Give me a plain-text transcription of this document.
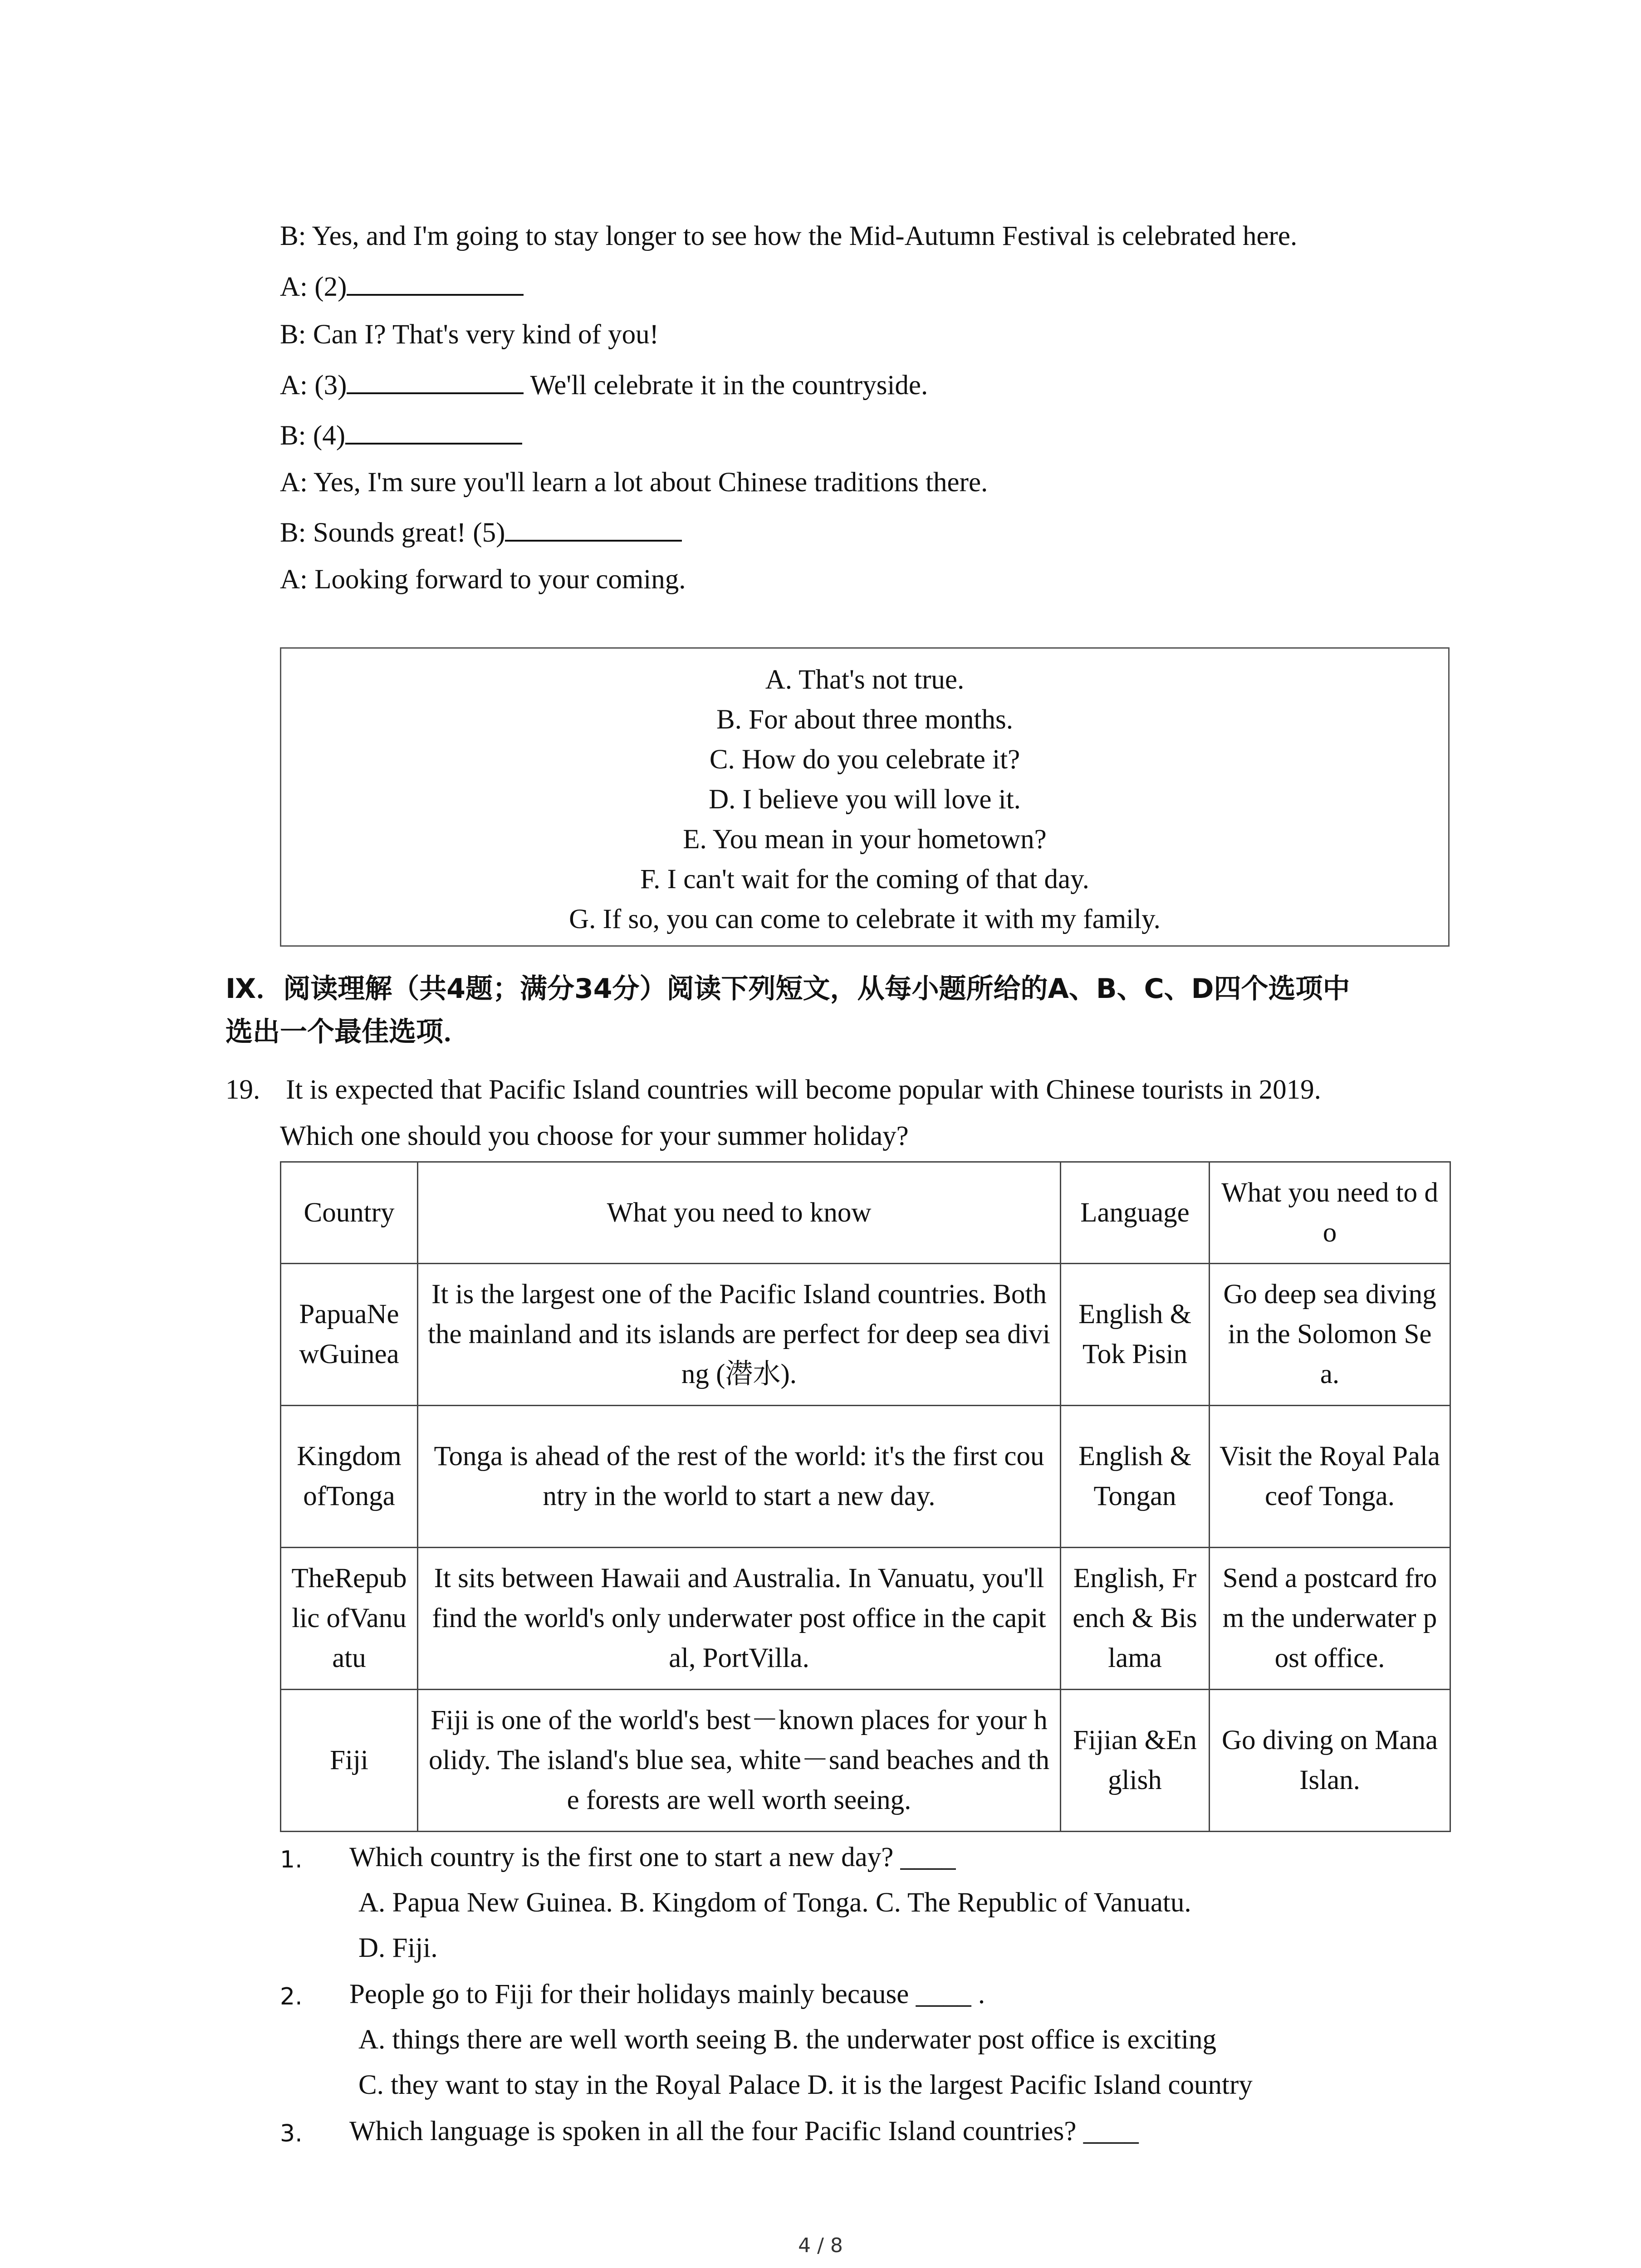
B: Yes, and I'm going to stay longer to see how the Mid-Autumn Festival is celebrated here.
A: (2)
B: Can I? That's very kind of you!
A: (3)	We'll celebrate it in the countryside.
B: (4)
A: Yes, I'm sure you'll learn a lot about Chinese traditions there.
B: Sounds great! (5)
A: Looking forward to your coming.
A. That's not true.
B. For about three months.
C. How do you celebrate it?
D. I believe you will love it.
E. You mean in your hometown?
F. I can't wait for the coming of that day.
G. If so, you can come to celebrate it with my family.
Ⅸ．阅读理解（共4题；满分34分）阅读下列短文，从每小题所给的A、B、C、D四个选项中
选出一个最佳选项．
19. It is expected that Pacific Island countries will become popular with Chinese tourists in 2019.
Which one should you choose for your summer holiday?
Country	What you need to know	Language	What you need to do
PapuaNewGuinea	It is the largest one of the Pacific Island countries. Both the mainland and its islands are perfect for deep sea diving (潜水).	English & Tok Pisin	Go deep sea diving in the Solomon Sea.
KingdomofTonga	Tonga is ahead of the rest of the world: it's the first country in the world to start a new day.	English & Tongan	Visit the Royal Palaceof Tonga.
TheRepublic ofVanuatu	It sits between Hawaii and Australia. In Vanuatu, you'll find the world's only underwater post office in the capital, PortVilla.	English, French & Bislama	Send a postcard from the underwater post office.
Fiji	Fiji is one of the world's best－known places for your holidy. The island's blue sea, white－sand beaches and the forests are well worth seeing.	Fijian &English	Go diving on Mana Islan.
1. Which country is the first one to start a new day? ____
A. Papua New Guinea. B. Kingdom of Tonga. C. The Republic of Vanuatu.
D. Fiji.
2. People go to Fiji for their holidays mainly because ____ .
A. things there are well worth seeing B. the underwater post office is exciting
C. they want to stay in the Royal Palace D. it is the largest Pacific Island country
3. Which language is spoken in all the four Pacific Island countries? ____
4 / 8
